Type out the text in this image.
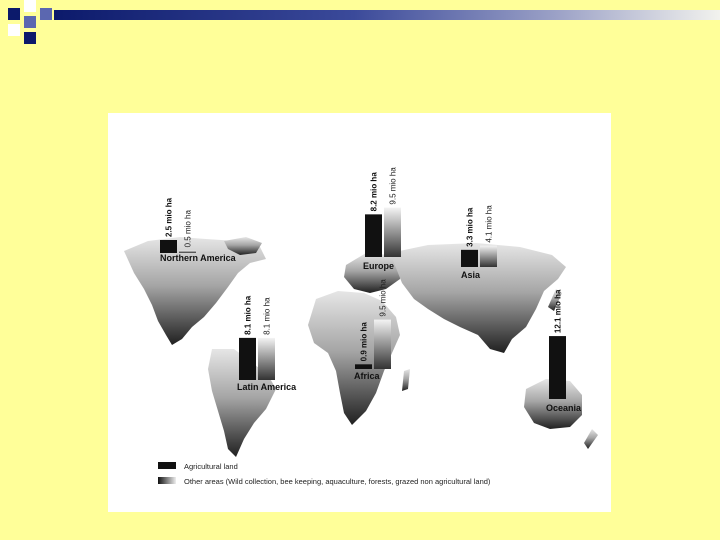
2.5 mio ha 0.5 mio ha
Northern America
8.1 mio ha 8.1 mio ha
Latin America
8.2 mio ha 9.5 mio ha
Europe
0.9 mio ha
9.5 mio ha
Africa
3.3 mio ha 4.1 mio ha
Asia
12.1 mio ha
Oceania
Agricultural land
Other areas (Wild collection, bee keeping, aquaculture, forests, grazed non agricultural land)
